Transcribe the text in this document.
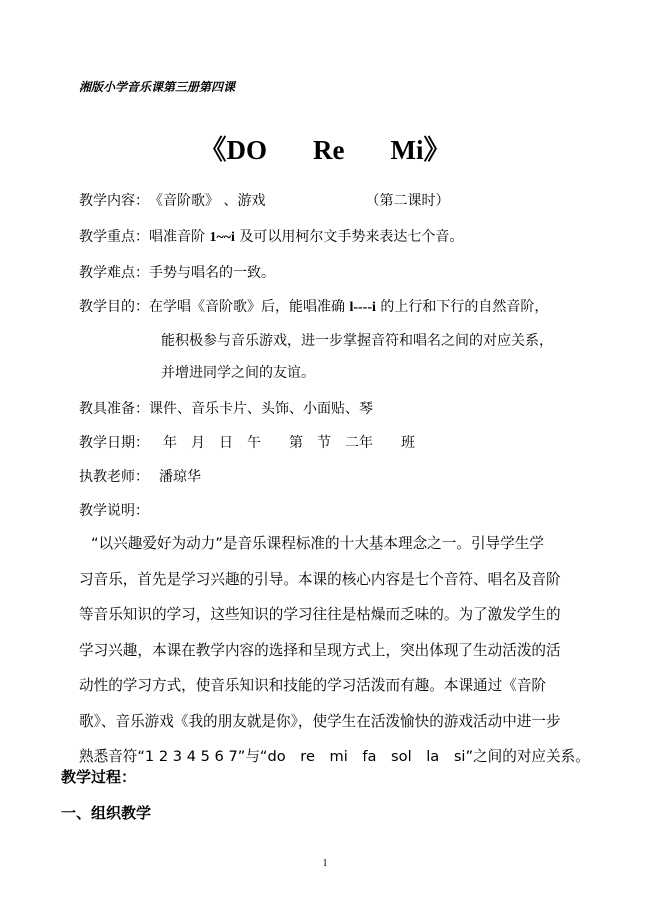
湘版小学音乐课第三册第四课
《DO Re Mi》
教学内容：《音阶歌》 、游戏	（第二课时）
教学重点：唱准音阶 1~~i 及可以用柯尔文手势来表达七个音。
教学难点：手势与唱名的一致。
教学目的：在学唱《音阶歌》后，能唱准确 l----i 的上行和下行的自然音阶，
能积极参与音乐游戏，进一步掌握音符和唱名之间的对应关系，
并增进同学之间的友谊。
教具准备：课件、音乐卡片、头饰、小面贴、琴
教学日期： 年　月　日　午　　第　节　二年　　班
执教老师： 潘琼华
教学说明：
“以兴趣爱好为动力”是音乐课程标准的十大基本理念之一。引导学生学
习音乐，首先是学习兴趣的引导。本课的核心内容是七个音符、唱名及音阶
等音乐知识的学习，这些知识的学习往往是枯燥而乏味的。为了激发学生的
学习兴趣，本课在教学内容的选择和呈现方式上，突出体现了生动活泼的活
动性的学习方式，使音乐知识和技能的学习活泼而有趣。本课通过《音阶
歌》、音乐游戏《我的朋友就是你》，使学生在活泼愉快的游戏活动中进一步
熟悉音符“1 2 3 4 5 6 7”与“do　re　mi　fa　sol　la　si”之间的对应关系。
教学过程：
一、组织教学
1
